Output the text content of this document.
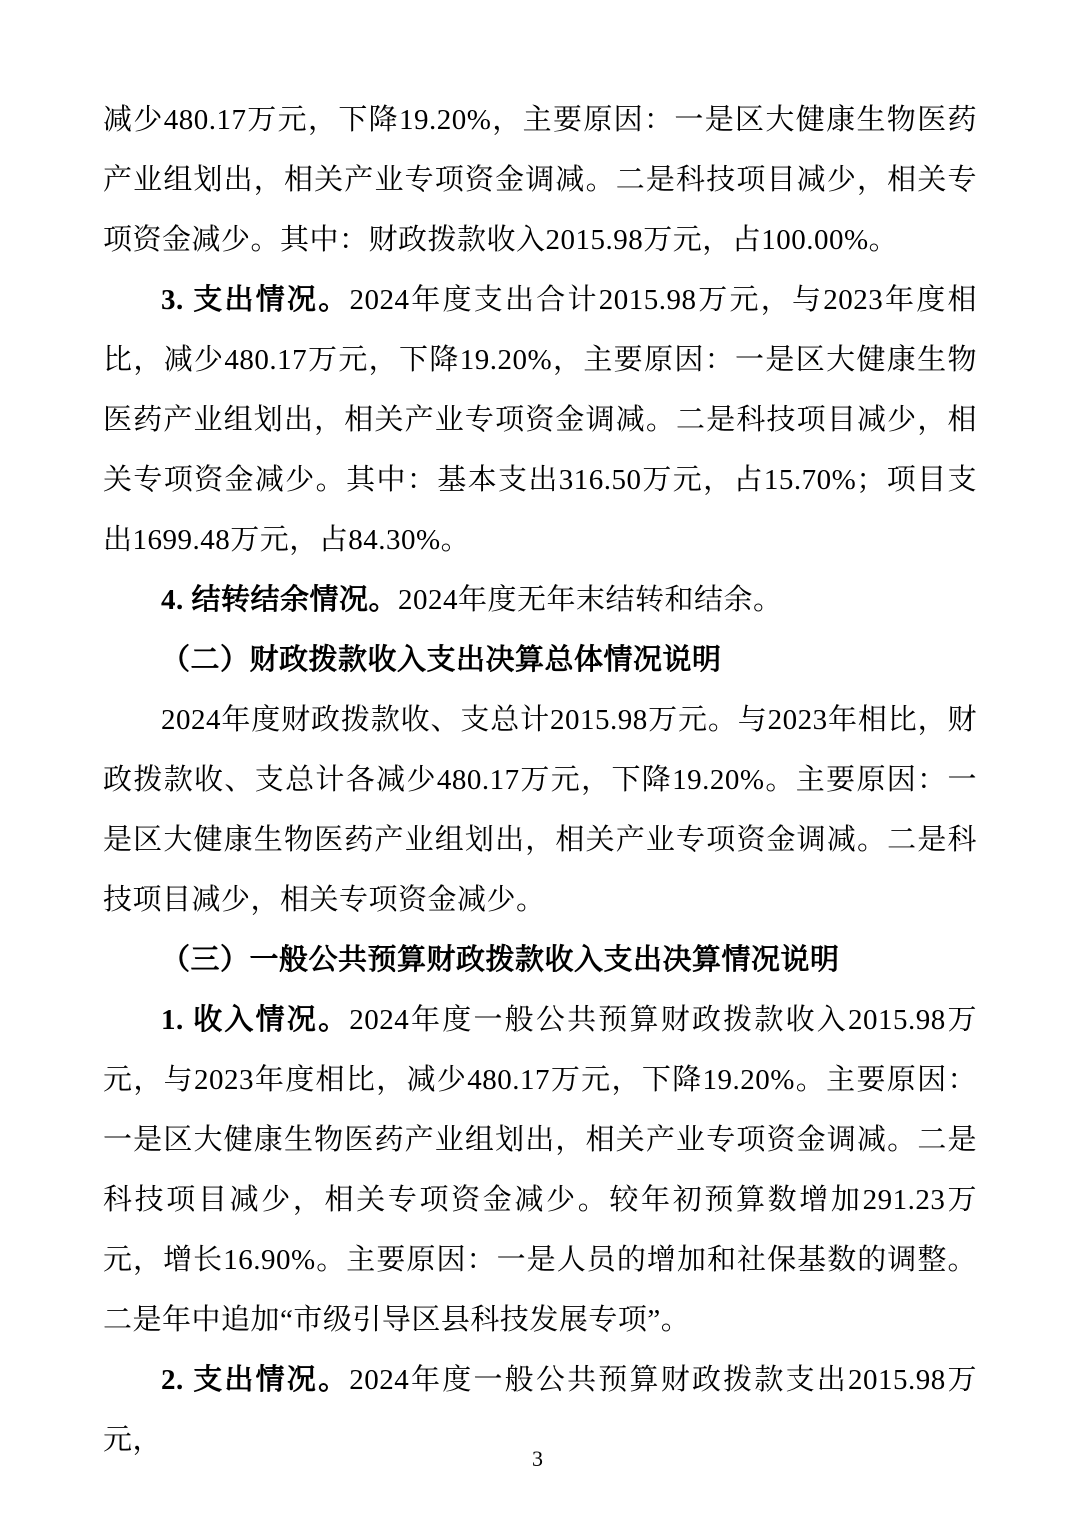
减少480.17万元，下降19.20%，主要原因：一是区大健康生物医药产业组划出，相关产业专项资金调减。二是科技项目减少，相关专项资金减少。其中：财政拨款收入2015.98万元，占100.00%。

3. 支出情况。2024年度支出合计2015.98万元，与2023年度相比，减少480.17万元，下降19.20%，主要原因：一是区大健康生物医药产业组划出，相关产业专项资金调减。二是科技项目减少，相关专项资金减少。其中：基本支出316.50万元，占15.70%；项目支出1699.48万元，占84.30%。

4. 结转结余情况。2024年度无年末结转和结余。

（二）财政拨款收入支出决算总体情况说明

2024年度财政拨款收、支总计2015.98万元。与2023年相比，财政拨款收、支总计各减少480.17万元，下降19.20%。主要原因：一是区大健康生物医药产业组划出，相关产业专项资金调减。二是科技项目减少，相关专项资金减少。

（三）一般公共预算财政拨款收入支出决算情况说明

1. 收入情况。2024年度一般公共预算财政拨款收入2015.98万元，与2023年度相比，减少480.17万元，下降19.20%。主要原因：一是区大健康生物医药产业组划出，相关产业专项资金调减。二是科技项目减少，相关专项资金减少。较年初预算数增加291.23万元，增长16.90%。主要原因：一是人员的增加和社保基数的调整。二是年中追加“市级引导区县科技发展专项”。

2. 支出情况。2024年度一般公共预算财政拨款支出2015.98万元，

3
